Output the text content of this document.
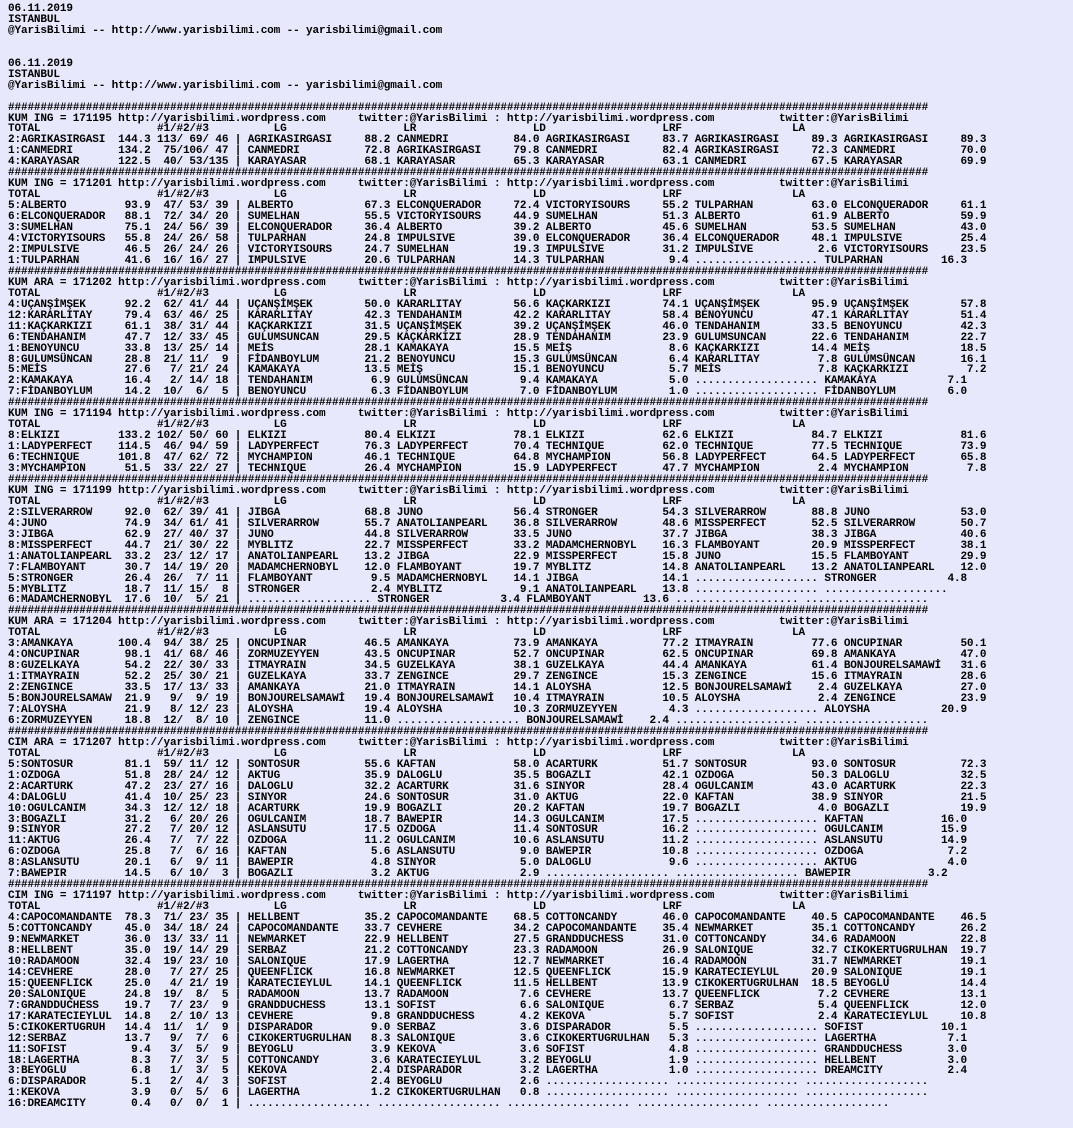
06.11.2019
ISTANBUL
@YarisBilimi -- http://www.yarisbilimi.com -- yarisbilimi@gmail.com
06.11.2019
ISTANBUL
@YarisBilimi -- http://www.yarisbilimi.com -- yarisbilimi@gmail.com
##############################################################################################################################################
KUM ING = 171195 http://yarisbilimi.wordpress.com     twitter:@YarisBilimi : http://yarisbilimi.wordpress.com          twitter:@YarisBilimi
TOTAL                  #1/#2/#3          LG                  LR                  LD                  LRF                 LA
2:AGRIKASIRGASI  144.3 113/ 69/ 46 | AGRIKASIRGASI     88.2 CANMEDRI          84.0 AGRIKASIRGASI     83.7 AGRIKASIRGASI     89.3 AGRIKASIRGASI     89.3
1:CANMEDRI       134.2  75/106/ 47 | CANMEDRI          72.8 AGRIKASIRGASI     79.8 CANMEDRI          82.4 AGRIKASIRGASI     72.3 CANMEDRI          70.0
4:KARAYASAR      122.5  40/ 53/135 | KARAYASAR         68.1 KARAYASAR         65.3 KARAYASAR         63.1 CANMEDRI          67.5 KARAYASAR         69.9
##############################################################################################################################################
KUM ING = 171201 http://yarisbilimi.wordpress.com     twitter:@YarisBilimi : http://yarisbilimi.wordpress.com          twitter:@YarisBilimi
TOTAL                  #1/#2/#3          LG                  LR                  LD                  LRF                 LA
5:ALBERTO         93.9  47/ 53/ 39 | ALBERTO           67.3 ELCONQUERADOR     72.4 VICTORYISOURS     55.2 TULPARHAN         63.0 ELCONQUERADOR     61.1
6:ELCONQUERADOR   88.1  72/ 34/ 20 | SUMELHAN          55.5 VICTORYISOURS     44.9 SUMELHAN          51.3 ALBERTO           61.9 ALBERTO           59.9
3:SUMELHAN        75.1  24/ 56/ 39 | ELCONQUERADOR     36.4 ALBERTO           39.2 ALBERTO           45.6 SUMELHAN          53.5 SUMELHAN          43.0
4:VICTORYISOURS   55.8  24/ 26/ 58 | TULPARHAN         24.8 IMPULSIVE         39.0 ELCONQUERADOR     36.4 ELCONQUERADOR     48.1 IMPULSIVE         25.4
2:IMPULSIVE       46.5  26/ 24/ 26 | VICTORYISOURS     24.7 SUMELHAN          19.3 IMPULSIVE         31.2 IMPULSIVE          2.6 VICTORYISOURS     23.5
1:TULPARHAN       41.6  16/ 16/ 27 | IMPULSIVE         20.6 TULPARHAN         14.3 TULPARHAN          9.4 ................... TULPARHAN         16.3
##############################################################################################################################################
KUM ARA = 171202 http://yarisbilimi.wordpress.com     twitter:@YarisBilimi : http://yarisbilimi.wordpress.com          twitter:@YarisBilimi
TOTAL                  #1/#2/#3          LG                  LR                  LD                  LRF                 LA
4:UÇANŞİMŞEK      92.2  62/ 41/ 44 | UÇANŞİMŞEK        50.0 KARARLITAY        56.6 KAÇKARKIZI        74.1 UÇANŞİMŞEK        95.9 UÇANŞİMŞEK        57.8
12:KARARLITAY     79.4  63/ 46/ 25 | KARARLITAY        42.3 TENDAHANIM        42.2 KARARLITAY        58.4 BENOYUNCU         47.1 KARARLITAY        51.4
11:KAÇKARKIZI     61.1  38/ 31/ 44 | KAÇKARKIZI        31.5 UÇANŞİMŞEK        39.2 UÇANŞİMŞEK        46.0 TENDAHANIM        33.5 BENOYUNCU         42.3
6:TENDAHANIM      47.7  12/ 33/ 45 | GULUMSUNCAN       29.5 KAÇKARKIZI        28.9 TENDAHANIM        23.9 GULUMSUNCAN       22.6 TENDAHANIM        22.7
1:BENOYUNCU       33.8  13/ 25/ 14 | MEİS              28.1 KAMAKAYA          15.5 MEİŞ               8.6 KAÇKARKIZI        14.4 MEİŞ              18.5
8:GULUMSÜNCAN     28.8  21/ 11/  9 | FİDANBOYLUM       21.2 BENOYUNCU         15.3 GULUMSÜNCAN        6.4 KARARLITAY         7.8 GULUMSÜNCAN       16.1
5:MEİS            27.6   7/ 21/ 24 | KAMAKAYA          13.5 MEİŞ              15.1 BENOYUNCU          5.7 MEİS               7.8 KAÇKARKIZI         7.2
2:KAMAKAYA        16.4   2/ 14/ 18 | TENDAHANIM         6.9 GULUMSÜNCAN        9.4 KAMAKAYA           5.0 ................... KAMAKAYA           7.1
7:FİDANBOYLUM     14.2  10/  6/  5 | BENOYUNCU          6.3 FİDANBOYLUM        7.0 FİDANBOYLUM        1.0 ................... FİDANBOYLUM        6.0
##############################################################################################################################################
KUM ING = 171194 http://yarisbilimi.wordpress.com     twitter:@YarisBilimi : http://yarisbilimi.wordpress.com          twitter:@YarisBilimi
TOTAL                  #1/#2/#3          LG                  LR                  LD                  LRF                 LA
8:ELKIZI         133.2 102/ 50/ 60 | ELKIZI            80.4 ELKIZI            78.1 ELKIZI            62.6 ELKIZI            84.7 ELKIZI            81.6
1:LADYPERFECT    114.5  46/ 94/ 59 | LADYPERFECT       76.3 LADYPERFECT       70.4 TECHNIQUE         62.0 TECHNIQUE         77.5 TECHNIQUE         73.9
6:TECHNIQUE      101.8  47/ 62/ 72 | MYCHAMPION        46.1 TECHNIQUE         64.8 MYCHAMPION        56.8 LADYPERFECT       64.5 LADYPERFECT       65.8
3:MYCHAMPION      51.5  33/ 22/ 27 | TECHNIQUE         26.4 MYCHAMPION        15.9 LADYPERFECT       47.7 MYCHAMPION         2.4 MYCHAMPION         7.8
##############################################################################################################################################
KUM ING = 171199 http://yarisbilimi.wordpress.com     twitter:@YarisBilimi : http://yarisbilimi.wordpress.com          twitter:@YarisBilimi
TOTAL                  #1/#2/#3          LG                  LR                  LD                  LRF                 LA
2:SILVERARROW     92.0  62/ 39/ 41 | JIBGA             68.8 JUNO              56.4 STRONGER          54.3 SILVERARROW       88.8 JUNO              53.0
4:JUNO            74.9  34/ 61/ 41 | SILVERARROW       55.7 ANATOLIANPEARL    36.8 SILVERARROW       48.6 MISSPERFECT       52.5 SILVERARROW       50.7
3:JIBGA           62.9  27/ 40/ 37 | JUNO              44.8 SILVERARROW       33.5 JUNO              37.7 JIBGA             38.3 JIBGA             40.6
8:MISSPERFECT     44.7  21/ 30/ 22 | MYBLITZ           22.7 MISSPERFECT       33.2 MADAMCHERNOBYL    16.3 FLAMBOYANT        20.9 MISSPERFECT       38.1
1:ANATOLIANPEARL  33.2  23/ 12/ 17 | ANATOLIANPEARL    13.2 JIBGA             22.9 MISSPERFECT       15.8 JUNO              15.5 FLAMBOYANT        29.9
7:FLAMBOYANT      30.7  14/ 19/ 20 | MADAMCHERNOBYL    12.0 FLAMBOYANT        19.7 MYBLITZ           14.8 ANATOLIANPEARL    13.2 ANATOLIANPEARL    12.0
5:STRONGER        26.4  26/  7/ 11 | FLAMBOYANT         9.5 MADAMCHERNOBYL    14.1 JIBGA             14.1 ................... STRONGER           4.8
5:MYBLITZ         18.7  11/ 15/  8 | STRONGER           2.4 MYBLITZ            9.1 ANATOLIANPEARL    13.8 ................... ...................
6:MADAMCHERNOBYL  17.6  10/  5/ 21 | ................... STRONGER           3.4 FLAMBOYANT        13.6 ................... ...................
##############################################################################################################################################
KUM ARA = 171204 http://yarisbilimi.wordpress.com     twitter:@YarisBilimi : http://yarisbilimi.wordpress.com          twitter:@YarisBilimi
TOTAL                  #1/#2/#3          LG                  LR                  LD                  LRF                 LA
3:AMANKAYA       100.4  94/ 38/ 25 | ONCUPINAR         46.5 AMANKAYA          73.9 AMANKAYA          77.2 ITMAYRAIN         77.6 ONCUPINAR         50.1
4:ONCUPINAR       98.1  41/ 68/ 46 | ZORMUZEYYEN       43.5 ONCUPINAR         52.7 ONCUPINAR         62.5 ONCUPINAR         69.8 AMANKAYA          47.0
8:GUZELKAYA       54.2  22/ 30/ 33 | ITMAYRAIN         34.5 GUZELKAYA         38.1 GUZELKAYA         44.4 AMANKAYA          61.4 BONJOURELSAMAWİ   31.6
1:ITMAYRAIN       52.2  25/ 30/ 21 | GUZELKAYA         33.7 ZENGINCE          29.7 ZENGINCE          15.3 ZENGINCE          15.6 ITMAYRAIN         28.6
2:ZENGINCE        33.5  17/ 13/ 33 | AMANKAYA          21.0 ITMAYRAIN         14.1 ALOYSHA           12.5 BONJOURELSAMAWİ    2.4 GUZELKAYA         27.0
5:BONJOURELSAMAW  21.9   9/  9/ 19 | BONJOURELSAMAWİ   19.4 BONJOURELSAMAWİ   10.4 ITMAYRAIN         10.5 ALOYSHA            2.4 ZENGINCE          23.9
7:ALOYSHA         21.9   8/ 12/ 23 | ALOYSHA           19.4 ALOYSHA           10.3 ZORMUZEYYEN        4.3 ................... ALOYSHA           20.9
6:ZORMUZEYYEN     18.8  12/  8/ 10 | ZENGINCE          11.0 ................... BONJOURELSAMAWİ    2.4 ................... ...................
##############################################################################################################################################
CIM ARA = 171207 http://yarisbilimi.wordpress.com     twitter:@YarisBilimi : http://yarisbilimi.wordpress.com          twitter:@YarisBilimi
TOTAL                  #1/#2/#3          LG                  LR                  LD                  LRF                 LA
5:SONTOSUR        81.1  59/ 11/ 12 | SONTOSUR          55.6 KAFTAN            58.0 ACARTURK          51.7 SONTOSUR          93.0 SONTOSUR          72.3
1:OZDOGA          51.8  28/ 24/ 12 | AKTUG             35.9 DALOGLU           35.5 BOGAZLI           42.1 OZDOGA            50.3 DALOGLU           32.5
2:ACARTURK        47.2  23/ 27/ 16 | DALOGLU           32.2 ACARTURK          31.6 SINYOR            28.4 OGULCANIM         43.0 ACARTURK          22.3
4:DALOGLU         41.4  10/ 25/ 23 | SINYOR            24.6 SONTOSUR          31.0 AKTUG             22.0 KAFTAN            38.9 SINYOR            21.5
10:OGULCANIM      34.3  12/ 12/ 18 | ACARTURK          19.9 BOGAZLI           20.2 KAFTAN            19.7 BOGAZLI            4.0 BOGAZLI           19.9
3:BOGAZLI         31.2   6/ 20/ 26 | OGULCANIM         18.7 BAWEPIR           14.3 OGULCANIM         17.5 ................... KAFTAN            16.0
9:SINYOR          27.2   7/ 20/ 12 | ASLANSUTU         17.5 OZDOGA            11.4 SONTOSUR          16.2 ................... OGULCANIM         15.9
11:AKTUG          26.4   7/  7/ 22 | OZDOGA            11.2 OGULCANIM         10.6 ASLANSUTU         11.2 ................... ASLANSUTU         14.9
6:OZDOGA          25.8   7/  6/ 16 | KAFTAN             5.6 ASLANSUTU          9.0 BAWEPIR           10.8 ................... OZDOGA             7.2
8:ASLANSUTU       20.1   6/  9/ 11 | BAWEPIR            4.8 SINYOR             5.0 DALOGLU            9.6 ................... AKTUG              4.0
7:BAWEPIR         14.5   6/ 10/  3 | BOGAZLI            3.2 AKTUG              2.9 ................... ................... BAWEPIR            3.2
##############################################################################################################################################
CIM ING = 171197 http://yarisbilimi.wordpress.com     twitter:@YarisBilimi : http://yarisbilimi.wordpress.com          twitter:@YarisBilimi
TOTAL                  #1/#2/#3          LG                  LR                  LD                  LRF                 LA
4:CAPOCOMANDANTE  78.3  71/ 23/ 35 | HELLBENT          35.2 CAPOCOMANDANTE    68.5 COTTONCANDY       46.0 CAPOCOMANDANTE    40.5 CAPOCOMANDANTE    46.5
5:COTTONCANDY     45.0  34/ 18/ 24 | CAPOCOMANDANTE    33.7 CEVHERE           34.2 CAPOCOMANDANTE    35.4 NEWMARKET         35.1 COTTONCANDY       26.2
9:NEWMARKET       36.0  13/ 33/ 11 | NEWMARKET         22.9 HELLBENT          27.5 GRANDDUCHESS      31.0 COTTONCANDY       34.6 RADAMOON          22.8
8:HELLBENT        35.0  19/ 14/ 29 | SERBAZ            21.2 COTTONCANDY       23.3 RADAMOON          26.9 SALONIQUE         32.7 CIKOKERTUGRULHAN  19.7
10:RADAMOON       32.4  19/ 23/ 10 | SALONIQUE         17.9 LAGERTHA          12.7 NEWMARKET         16.4 RADAMOON          31.7 NEWMARKET         19.1
14:CEVHERE        28.0   7/ 27/ 25 | QUEENFLICK        16.8 NEWMARKET         12.5 QUEENFLICK        15.9 KARATECIEYLUL     20.9 SALONIQUE         19.1
15:QUEENFLICK     25.0   4/ 21/ 19 | KARATECIEYLUL     14.1 QUEENFLICK        11.5 HELLBENT          13.9 CIKOKERTUGRULHAN  18.5 BEYOGLU           14.4
20:SALONIQUE      24.8  19/  8/  5 | RADAMOON          13.7 RADAMOON           7.6 CEVHERE           13.7 QUEENFLICK         7.2 CEVHERE           13.1
7:GRANDDUCHESS    19.7   7/ 23/  9 | GRANDDUCHESS      13.1 SOFIST             6.6 SALONIQUE          6.7 SERBAZ             5.4 QUEENFLICK        12.0
17:KARATECIEYLUL  14.8   2/ 10/ 13 | CEVHERE            9.8 GRANDDUCHESS       4.2 KEKOVA             5.7 SOFIST             2.4 KARATECIEYLUL     10.8
5:CIKOKERTUGRUH   14.4  11/  1/  9 | DISPARADOR         9.0 SERBAZ             3.6 DISPARADOR         5.5 ................... SOFIST            10.1
12:SERBAZ         13.7   9/  7/  6 | CIKOKERTUGRULHAN   8.3 SALONIQUE          3.6 CIKOKERTUGRULHAN   5.3 ................... LAGERTHA           7.1
11:SOFIST          9.4   3/  5/  9 | BEYOGLU            3.9 KEKOVA             3.6 SOFIST             4.8 ................... GRANDDUCHESS       3.0
18:LAGERTHA        8.3   7/  3/  5 | COTTONCANDY        3.6 KARATECIEYLUL      3.2 BEYOGLU            1.9 ................... HELLBENT           3.0
3:BEYOGLU          6.8   1/  3/  5 | KEKOVA             2.4 DISPARADOR         3.2 LAGERTHA           1.0 ................... DREAMCITY          2.4
6:DISPARADOR       5.1   2/  4/  3 | SOFIST             2.4 BEYOGLU            2.6 ................... ................... ...................
1:KEKOVA           3.9   0/  5/  6 | LAGERTHA           1.2 CIKOKERTUGRULHAN   0.8 ................... ................... ...................
16:DREAMCITY       0.4   0/  0/  1 | ................... ................... ................... ................... ...................
